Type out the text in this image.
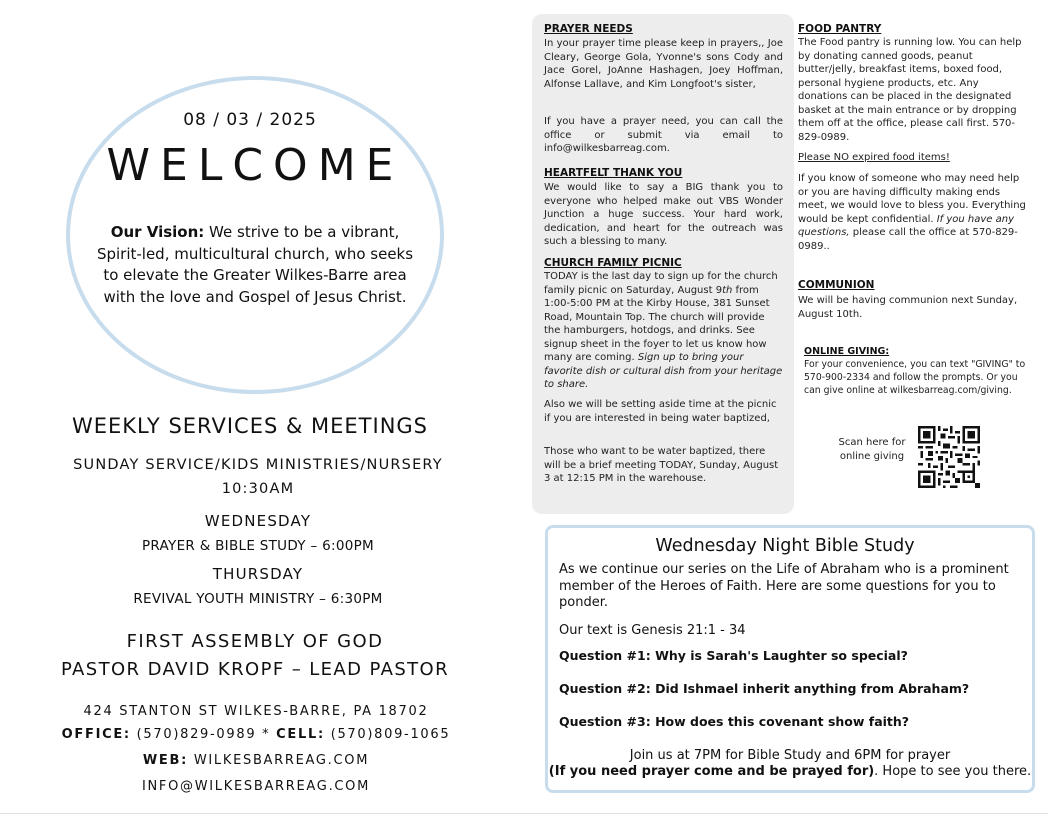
08 / 03 / 2025
WELCOME
Our Vision: We strive to be a vibrant, Spirit-led, multicultural church, who seeks to elevate the Greater Wilkes-Barre area with the love and Gospel of Jesus Christ.
WEEKLY SERVICES & MEETINGS
SUNDAY SERVICE/KIDS MINISTRIES/NURSERY
10:30AM
WEDNESDAY
PRAYER & BIBLE STUDY – 6:00PM
THURSDAY
REVIVAL YOUTH MINISTRY – 6:30PM
FIRST ASSEMBLY OF GOD
PASTOR DAVID KROPF – LEAD PASTOR
424 STANTON ST WILKES-BARRE, PA 18702
OFFICE: (570)829-0989 * CELL: (570)809-1065
WEB: WILKESBARREAG.COM
INFO@WILKESBARREAG.COM
PRAYER NEEDS
In your prayer time please keep in prayers,, Joe Cleary, George Gola, Yvonne's sons Cody and Jace Gorel, JoAnne Hashagen, Joey Hoffman, Alfonse Lallave, and Kim Longfoot's sister,
If you have a prayer need, you can call the office or submit via email to info@wilkesbarreag.com.
HEARTFELT THANK YOU
We would like to say a BIG thank you to everyone who helped make out VBS Wonder Junction a huge success. Your hard work, dedication, and heart for the outreach was such a blessing to many.
CHURCH FAMILY PICNIC
TODAY is the last day to sign up for the church family picnic on Saturday, August 9th from 1:00-5:00 PM at the Kirby House, 381 Sunset Road, Mountain Top. The church will provide the hamburgers, hotdogs, and drinks. See signup sheet in the foyer to let us know how many are coming. Sign up to bring your favorite dish or cultural dish from your heritage to share.
Also we will be setting aside time at the picnic if you are interested in being water baptized,
Those who want to be water baptized, there will be a brief meeting TODAY, Sunday, August 3 at 12:15 PM in the warehouse.
FOOD PANTRY
The Food pantry is running low. You can help by donating canned goods, peanut butter/jelly, breakfast items, boxed food, personal hygiene products, etc. Any donations can be placed in the designated basket at the main entrance or by dropping them off at the office, please call first. 570-829-0989.
Please NO expired food items!
If you know of someone who may need help or you are having difficulty making ends meet, we would love to bless you. Everything would be kept confidential. If you have any questions, please call the office at 570-829-0989..
COMMUNION
We will be having communion next Sunday, August 10th.
ONLINE GIVING:
For your convenience, you can text "GIVING" to 570-900-2334 and follow the prompts. Or you can give online at wilkesbarreag.com/giving.
Scan here for online giving
Wednesday Night Bible Study
As we continue our series on the Life of Abraham who is a prominent member of the Heroes of Faith. Here are some questions for you to ponder.
Our text is Genesis 21:1 - 34
Question #1: Why is Sarah's Laughter so special?
Question #2: Did Ishmael inherit anything from Abraham?
Question #3: How does this covenant show faith?
Join us at 7PM for Bible Study and 6PM for prayer
(If you need prayer come and be prayed for). Hope to see you there.
